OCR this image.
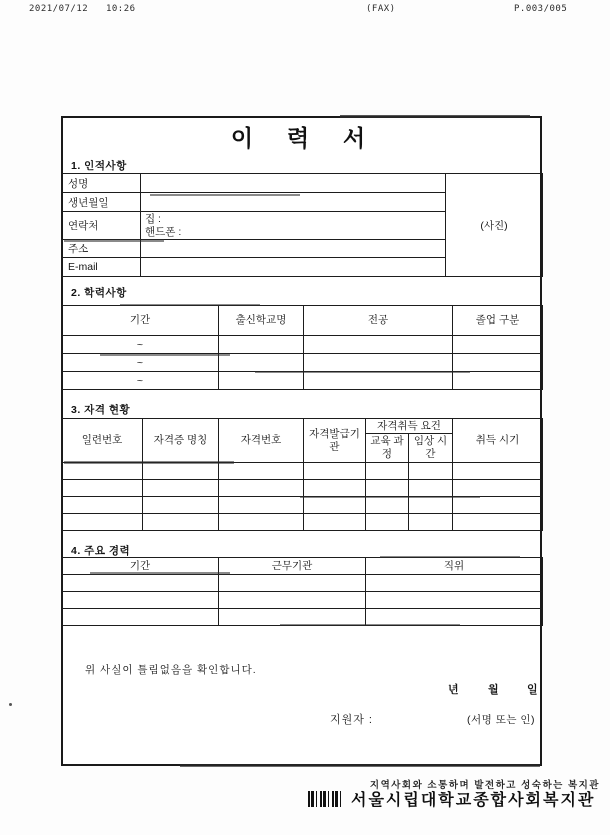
2021/07/12   10:26	(FAX)	P.003/005
이  력  서
1. 인적사항
성명		(사진)
생년월일		
연락처	집 :
핸드폰 :	

주소		
E-mail		
2. 학력사항
기간	출신학교명	전공	졸업 구분
~			
~			
~			
3. 자격 현황
일련번호	자격증 명칭	자격번호	자격발급기관	자격취득 요건		취득 시기
				교육 과정	임상 시간	

4. 주요 경력
기간	근무기관	직위

위 사실이 틀림없음을 확인합니다.
년	월	일
지원자 :	(서명 또는 인)
지역사회와 소통하며 발전하고 성숙하는 복지관
서울시립대학교종합사회복지관
